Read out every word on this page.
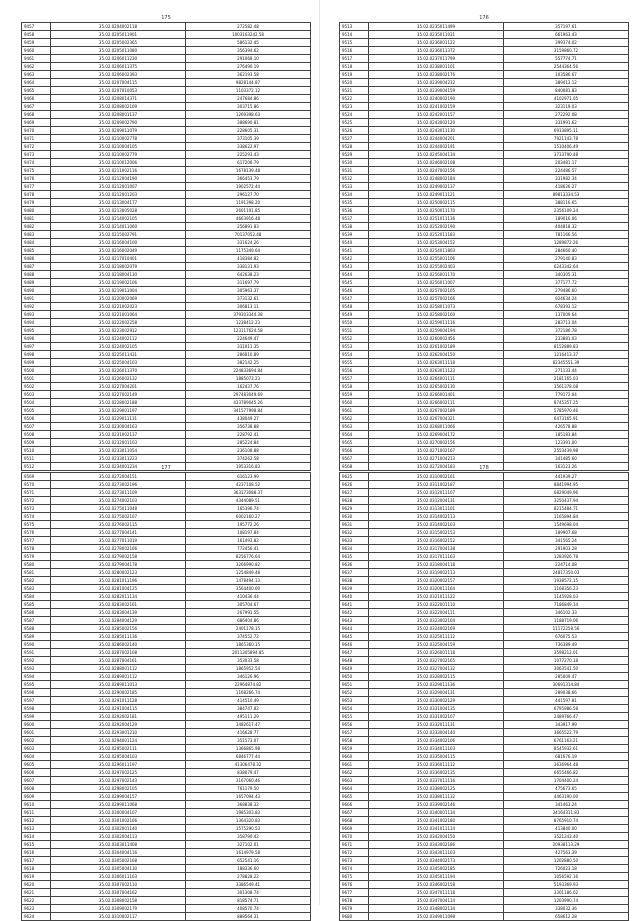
175
9457	35.02.0204002118	272582.48
9458	35.02.0205011901	1003163242.58
9459	35.02.0205002365	586132.45
9460	35.02.0205011080	356394.62
9461	35.02.0206011230	291068.10
9462	35.02.0206011375	276490.19
9463	35.02.0206002393	362193.58
9464	35.02.0207004115	9828144.87
9465	35.02.0207010053	1103372.12
9466	35.02.0208014371	247684.86
9467	35.02.0208002109	303715.86
9468	35.02.0208001137	1269398.63
9469	35.02.0209002790	388690.81
9470	35.02.0209011079	228605.31
9471	35.02.0210002778	373105.39
9472	35.02.0210004105	338622.97
9473	35.02.0210002779	225293.43
9474	35.02.0210012006	617206.79
9475	35.02.0211002116	1678139.48
9476	35.02.0212004190	366453.79
9477	35.02.0212001007	1902572.44
9478	35.02.0212001203	296127.70
9479	35.02.0213004177	1191398.20
9480	35.02.0213005028	2601191.85
9481	35.02.0214002105	4663916.48
9482	35.02.0214011060	256891.83
9483	35.02.0215002791	70137052.48
9484	35.02.0216004100	331624.26
9485	35.02.0216002049	1175349.64
9486	35.02.0217010401	418384.82
9487	35.02.0218002079	338131.93
9488	35.02.0218004130	642638.23
9489	35.02.0219002106	311697.79
9490	35.02.0219011004	305963.37
9491	35.02.0220002069	373132.61
9492	35.02.0221002023	306813.11
9493	35.02.0221001064	379303344.38
9494	35.02.0222002258	1238412.23
9495	35.02.0223002912	123117624.58
9496	35.02.0224002112	224649.47
9497	35.02.0224002105	331011.35
9498	35.02.0225011431	286810.89
9499	35.02.0225004103	382142.25
9500	35.02.0226011370	224833694.84
9501	35.02.0226002132	1885073.23
9502	35.02.0227004201	162437.76
9503	35.02.0227002149	297483049.69
9504	35.02.0228002188	433789045.26
9505	35.02.0229001197	341577998.84
9506	35.02.0229011131	438049.27
9507	35.02.0230004163	356738.88
9508	35.02.0231002137	228792.41
9509	35.02.0232001103	285224.84
9510	35.02.0233011054	236108.88
9511	35.02.0233011223	374262.58
9512	35.02.0234001234	1953316.83
176
9513	35.02.0235011499	357197.61
9514	35.02.0235011031	661963.43
9515	35.02.0236001122	399374.02
9516	35.02.0236011372	3159860.72
9517	35.02.0237011799	557774.71
9518	35.02.0238001101	2544364.56
9519	35.02.0238002176	103586.67
9520	35.02.0239004232	389413.12
9521	35.02.0239004159	840081.83
9522	35.02.0240002190	4102971.05
9523	35.02.0241002159	323119.03
9524	35.02.0242001157	272292.08
9525	35.02.0243002120	331991.62
9526	35.02.0243011130	6913895.11
9527	35.02.0244004201	7921143.78
9528	35.02.0244002191	1510406.49
9529	35.02.0245004134	3733790.48
9530	35.02.0246002108	203481.17
9531	35.02.0247002156	224486.57
9532	35.02.0248002184	331982.34
9533	35.02.0249002137	418626.27
9534	35.02.0249011121	89813334.53
9535	35.02.0250002115	388116.65
9536	35.02.0250011170	2356109.24
9537	35.02.0251011136	189016.06
9538	35.02.0252002190	404818.32
9539	35.02.0252011183	781166.56
9540	35.02.0253004152	1289872.26
9541	35.02.0254011803	284660.40
9542	35.02.0255001106	279140.83
9543	35.02.0255002403	6243342.64
9544	35.02.0256001170	340305.31
9545	35.02.0256011007	377177.72
9546	35.02.0257002105	279486.60
9547	35.02.0257002166	924634.24
9548	35.02.0258011073	678393.12
9549	35.02.0258002160	137009.64
9550	35.02.0259011116	283713.04
9551	35.02.0259004194	372186.78
9552	35.02.0260002456	233881.03
9553	35.02.0261002189	8152889.83
9554	35.02.0262004150	1216413.37
9555	35.02.0263011118	82345551.39
9556	35.02.0263011123	271133.44
9557	35.02.0264001111	2181165.03
9558	35.02.0265002130	3561378.08
9559	35.02.0266001401	779172.04
9560	35.02.0266002111	8745357.25
9561	35.02.0267002189	5785970.46
9562	35.02.0267004321	6473165.91
9563	35.02.0268011066	426578.88
9564	35.02.0269004172	185183.84
9565	35.02.0270002156	123391.00
9566	35.02.0271002167	2553439.98
9567	35.02.0271004213	341485.60
9568	35.02.0272004183	163123.26
177
9569	35.02.0272004151	616123.99
9570	35.02.0273002196	4237108.52
9571	35.02.0273011109	363173088.37
9572	35.02.0274002103	4344089.51
9573	35.02.0275011048	165396.74
9574	35.02.0275002107	6002160.27
9575	35.02.0276002115	195772.26
9576	35.02.0277004141	108197.84
9577	35.02.0277011019	161493.82
9578	35.02.0278002166	772456.41
9579	35.02.0279002158	8256776.64
9580	35.02.0279004178	3266990.82
9581	35.02.0280002123	1254849.48
9582	35.02.0281011196	1478494.13
9583	35.02.0281004125	3564400.00
9584	35.02.0282011134	410436.44
9585	35.02.0283002161	305704.67
9586	35.02.0283004139	267991.55
9587	35.02.0284004129	686404.86
9588	35.02.0285002156	2401178.15
9589	35.02.0285011136	374552.72
9590	35.02.0286002140	1865360.15
9591	35.02.0287002108	2011305894.85
9592	35.02.0287004161	353033.58
9593	35.02.0288001112	1865952.54
9594	35.02.0289001112	346126.96
9595	35.02.0289011013	22964874.82
9596	35.02.0290002185	1168266.74
9597	35.02.0291011128	414510.49
9598	35.02.0291004115	384747.82
9599	35.02.0292002181	495111.29
9600	35.02.0292004129	3482617.47
9601	35.02.0293001210	416628.77
9602	35.02.0294001124	351573.07
9603	35.02.0295002111	1366865.98
9604	35.02.0295004103	6846777.44
9605	35.02.0296011197	41306478.32
9606	35.02.0297002125	838079.47
9607	35.02.0297002143	3167060.46
9608	35.02.0298002105	761179.50
9609	35.02.0299004157	1657094.43
9610	35.02.0299011068	368838.32
9611	35.02.0300004107	1985303.83
9612	35.02.0301002166	1364320.83
9613	35.02.0302001140	1575290.53
9614	35.02.0302004113	358790.42
9615	35.02.0303011408	327102.01
9616	35.02.0304004116	1614979.58
9617	35.02.0305002168	652541.16
9618	35.02.0305004130	188336.60
9619	35.02.0306011163	278828.22
9620	35.02.0307002110	3386549.41
9621	35.02.0307004162	301308.74
9622	35.02.0308002158	818574.71
9623	35.02.0309002179	408570.74
9624	35.02.0310002117	888564.31
178
9625	35.02.0310002161	441939.27
9626	35.02.0311002187	8841994.95
9627	35.02.0312011107	6829049.96
9628	35.02.0312004131	3250437.94
9629	35.02.0313011101	8215484.71
9630	35.02.0314002113	1165894.84
9631	35.02.0314002103	1549698.04
9632	35.02.0315002153	189907.68
9633	35.02.0316002152	341565.24
9634	35.02.0317004138	291903.28
9635	35.02.0317011163	1283926.78
9636	35.02.0318004118	224714.08
9637	35.02.0319002113	24817350.03
9638	35.02.0320002157	1938572.15
9639	35.02.0320011164	1168356.23
9640	35.02.0321011122	1145928.03
9641	35.02.0322001110	7186849.14
9642	35.02.0322004111	346102.33
9643	35.02.0323002104	1188719.06
9644	35.02.0324002169	11172258.56
9645	35.02.0325011112	676075.53
9646	35.02.0325004159	736389.49
9647	35.02.0326001118	3598212.01
9648	35.02.0327002165	1077270.18
9649	35.02.0327004132	3063541.50
9650	35.02.0328002115	285009.47
9651	35.02.0329011136	30691314.84
9652	35.02.0329004131	289038.66
9653	35.02.0330002129	441597.81
9654	35.02.0331004135	6795986.58
9655	35.02.0331002107	2489766.47
9656	35.02.0332011131	343917.99
9657	35.02.0333004140	3665522.79
9658	35.02.0334002106	6761163.21
9659	35.02.0334011103	8545932.61
9660	35.02.0335004115	681676.19
9661	35.02.0336011112	3636964.48
9662	35.02.0336002135	6655466.82
9663	35.02.0337011116	1704400.24
9664	35.02.0338002125	475673.65
9665	35.02.0338011132	4463190.00
9666	35.02.0339002146	341463.24
9667	35.02.0340001134	34164311.83
9668	35.02.0341002180	8765910.74
9669	35.02.0341011114	413840.00
9670	35.02.0342004150	3521243.40
9671	35.02.0343002186	20938113.29
9672	35.02.0343011103	427563.39
9673	35.02.0344002173	1202880.50
9674	35.02.0345002185	726023.18
9675	35.02.0345011194	1056592.16
9676	35.02.0346002158	5193369.93
9677	35.02.0347011118	3301186.02
9678	35.02.0347004114	1203990.74
9679	35.02.0348002134	338032.36
9680	35.02.0349011098	658612.28
